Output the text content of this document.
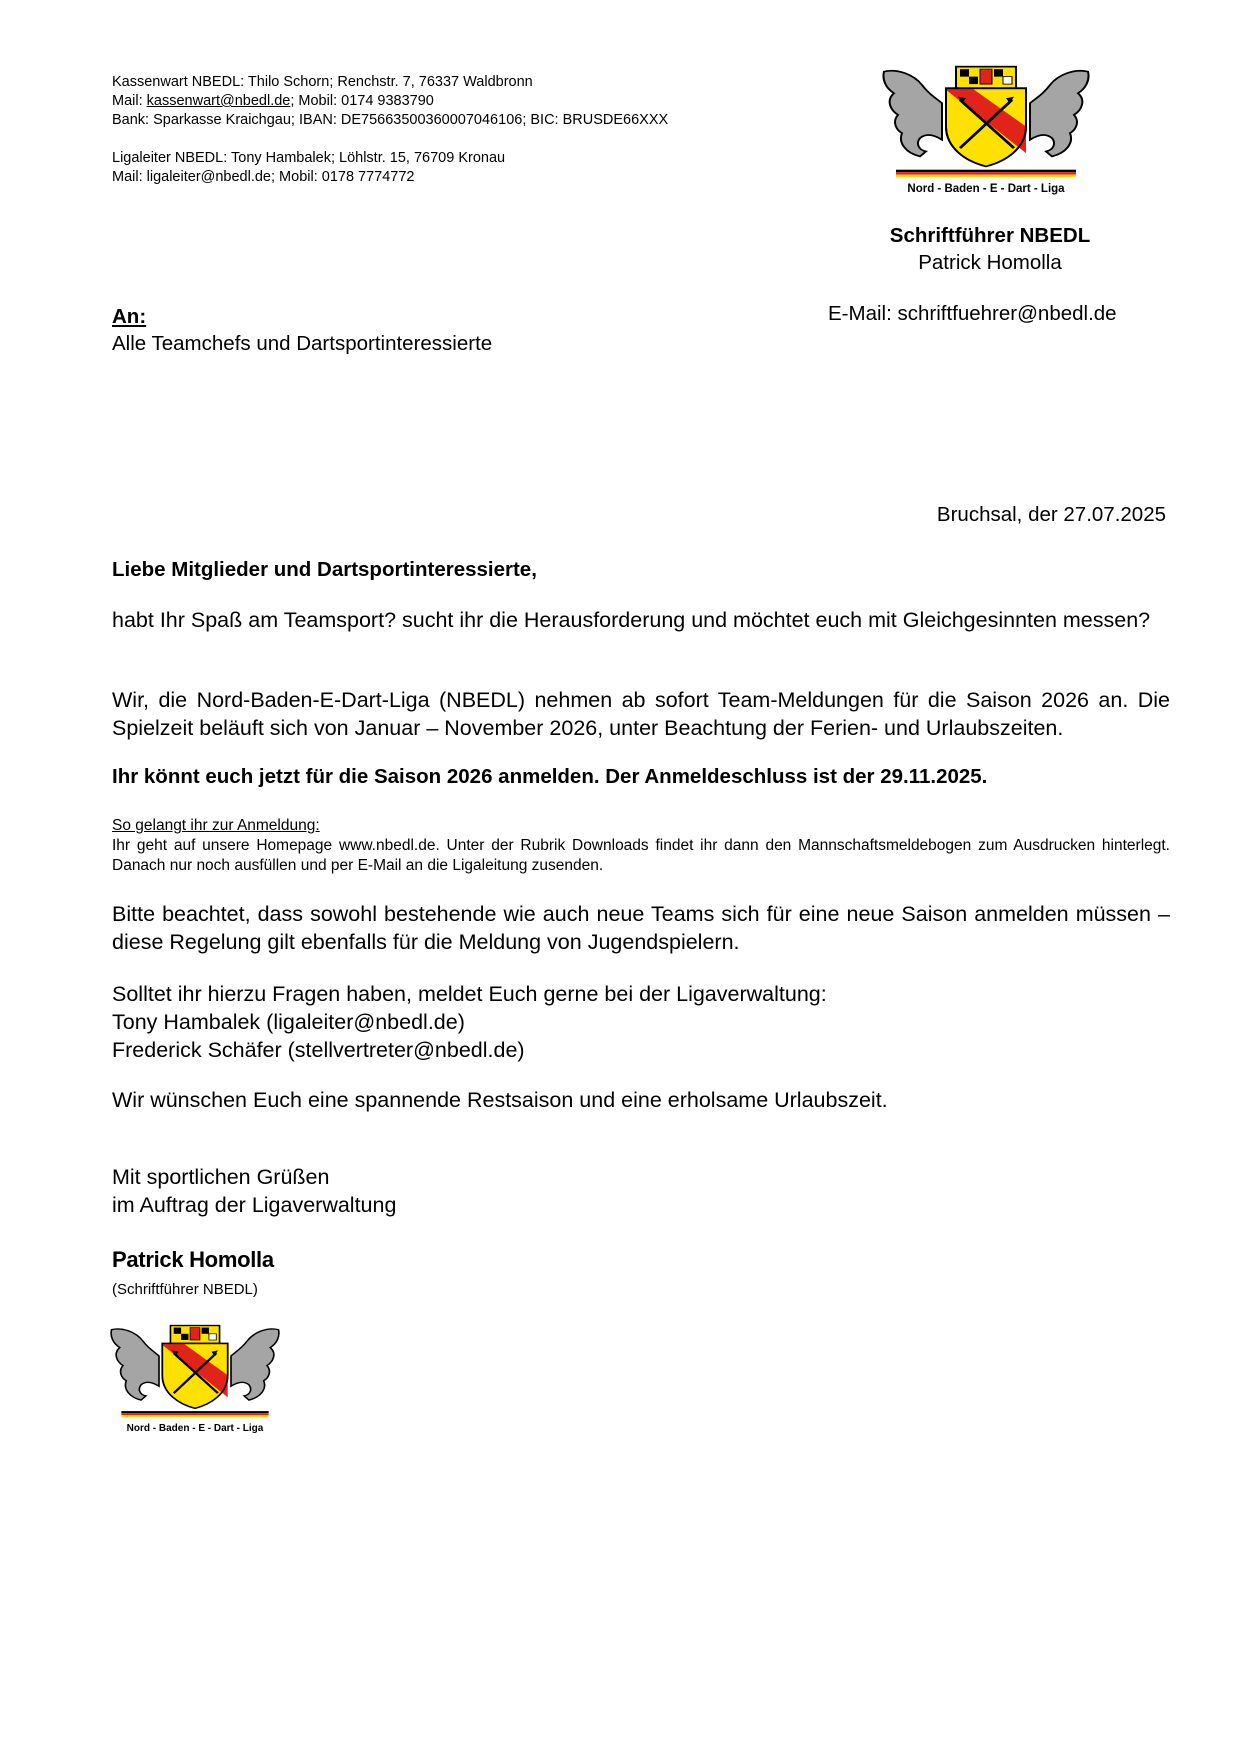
Kassenwart NBEDL: Thilo Schorn; Renchstr. 7, 76337 Waldbronn
Mail: kassenwart@nbedl.de; Mobil: 0174 9383790
Bank: Sparkasse Kraichgau; IBAN: DE75663500360007046106; BIC: BRUSDE66XXX
Ligaleiter NBEDL: Tony Hambalek; Löhlstr. 15, 76709 Kronau
Mail: ligaleiter@nbedl.de; Mobil: 0178 7774772
Nord - Baden - E - Dart - Liga
Schriftführer NBEDL
Patrick Homolla
E-Mail: schriftfuehrer@nbedl.de
An:
Alle Teamchefs und Dartsportinteressierte
Bruchsal, der 27.07.2025
Liebe Mitglieder und Dartsportinteressierte,
habt Ihr Spaß am Teamsport? sucht ihr die Herausforderung und möchtet euch mit Gleichgesinnten messen?
Wir, die Nord-Baden-E-Dart-Liga (NBEDL) nehmen ab sofort Team-Meldungen für die Saison 2026 an. Die Spielzeit beläuft sich von Januar – November 2026, unter Beachtung der Ferien- und Urlaubszeiten.
Ihr könnt euch jetzt für die Saison 2026 anmelden. Der Anmeldeschluss ist der 29.11.2025.
So gelangt ihr zur Anmeldung:
Ihr geht auf unsere Homepage www.nbedl.de. Unter der Rubrik Downloads findet ihr dann den Mannschaftsmeldebogen zum Ausdrucken hinterlegt. Danach nur noch ausfüllen und per E-Mail an die Ligaleitung zusenden.
Bitte beachtet, dass sowohl bestehende wie auch neue Teams sich für eine neue Saison anmelden müssen – diese Regelung gilt ebenfalls für die Meldung von Jugendspielern.
Solltet ihr hierzu Fragen haben, meldet Euch gerne bei der Ligaverwaltung:
Tony Hambalek (ligaleiter@nbedl.de)
Frederick Schäfer (stellvertreter@nbedl.de)
Wir wünschen Euch eine spannende Restsaison und eine erholsame Urlaubszeit.
Mit sportlichen Grüßen
im Auftrag der Ligaverwaltung
Patrick Homolla
(Schriftführer NBEDL)
Nord - Baden - E - Dart - Liga
